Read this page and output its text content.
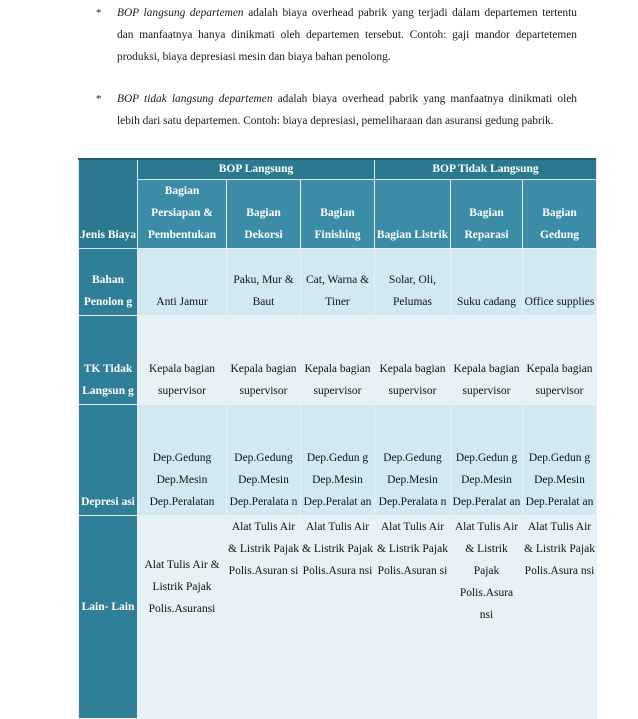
* BOP langsung departemen adalah biaya overhead pabrik yang terjadi dalam departemen tertentu dan manfaatnya hanya dinikmati oleh departemen tersebut. Contoh: gaji mandor departetemen produksi, biaya depresiasi mesin dan biaya bahan penolong.
* BOP tidak langsung departemen adalah biaya overhead pabrik yang manfaatnya dinikmati oleh lebih dari satu departemen. Contoh: biaya depresiasi, pemeliharaan dan asuransi gedung pabrik.
Jenis Biaya	BOP Langsung			BOP Tidak Langsung		
	Bagian Persiapan & Pembentukan	Bagian Dekorsi	Bagian Finishing	Bagian Listrik	Bagian Reparasi	Bagian Gedung
Bahan Penolon g	Anti Jamur	Paku, Mur & Baut	Cat, Warna & Tiner	Solar, Oli, Pelumas	Suku cadang	Office supplies
TK Tidak Langsun g	Kepala bagian supervisor	Kepala bagian supervisor	Kepala bagian supervisor	Kepala bagian supervisor	Kepala bagian supervisor	Kepala bagian supervisor
Depresi asi	Dep.Gedung Dep.Mesin Dep.Peralatan	Dep.Gedung Dep.Mesin Dep.Peralata n	Dep.Gedun g Dep.Mesin Dep.Peralat an	Dep.Gedung Dep.Mesin Dep.Peralata n	Dep.Gedun g Dep.Mesin Dep.Peralat an	Dep.Gedun g Dep.Mesin Dep.Peralat an
Lain- Lain	Alat Tulis Air & Listrik Pajak Polis.Asuransi	Alat Tulis Air & Listrik Pajak Polis.Asuran si	Alat Tulis Air & Listrik Pajak Polis.Asura nsi	Alat Tulis Air & Listrik Pajak Polis.Asuran si	Alat Tulis Air & Listrik Pajak Polis.Asura nsi	Alat Tulis Air & Listrik Pajak Polis.Asura nsi
